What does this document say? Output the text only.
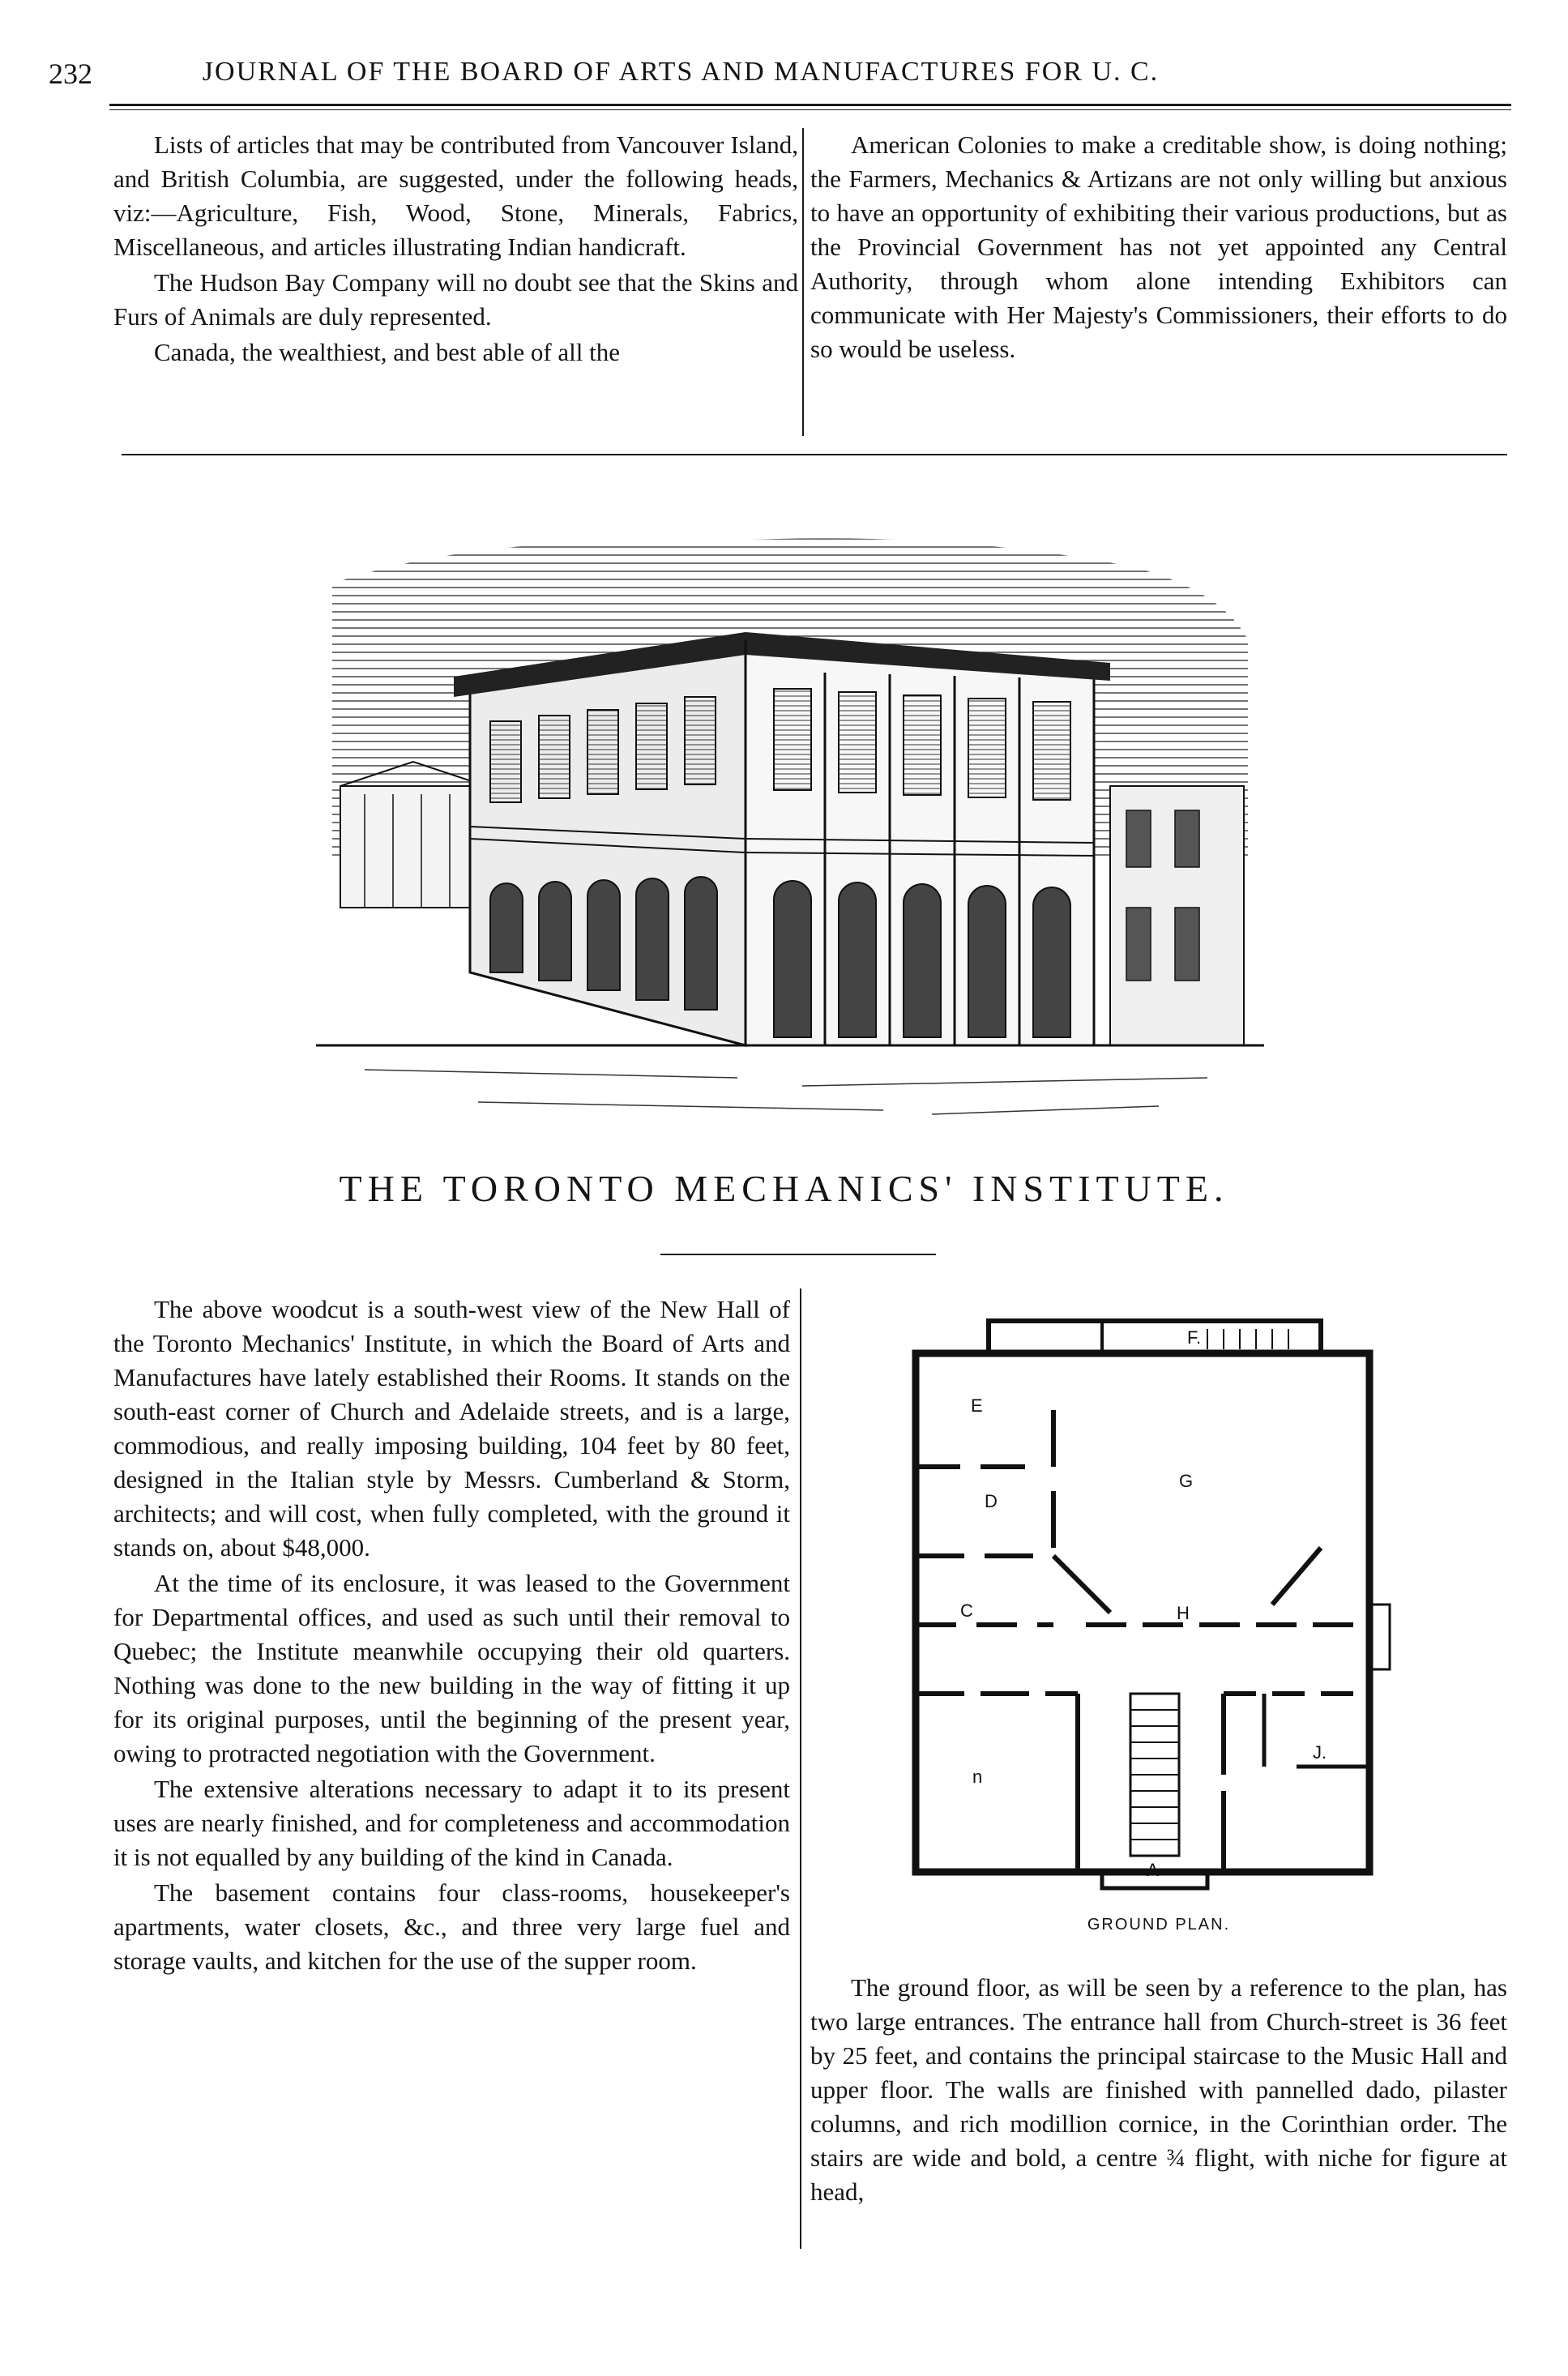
232	JOURNAL OF THE BOARD OF ARTS AND MANUFACTURES FOR U. C.

Lists of articles that may be contributed from Vancouver Island, and British Columbia, are suggested, under the following heads, viz:—Agriculture, Fish, Wood, Stone, Minerals, Fabrics, Miscellaneous, and articles illustrating Indian handicraft.

The Hudson Bay Company will no doubt see that the Skins and Furs of Animals are duly represented.

Canada, the wealthiest, and best able of all the

American Colonies to make a creditable show, is doing nothing; the Farmers, Mechanics & Artizans are not only willing but anxious to have an opportunity of exhibiting their various productions, but as the Provincial Government has not yet appointed any Central Authority, through whom alone intending Exhibitors can communicate with Her Majesty's Commissioners, their efforts to do so would be useless.

THE TORONTO MECHANICS' INSTITUTE.

The above woodcut is a south-west view of the New Hall of the Toronto Mechanics' Institute, in which the Board of Arts and Manufactures have lately established their Rooms. It stands on the south-east corner of Church and Adelaide streets, and is a large, commodious, and really imposing building, 104 feet by 80 feet, designed in the Italian style by Messrs. Cumberland & Storm, architects; and will cost, when fully completed, with the ground it stands on, about $48,000.

At the time of its enclosure, it was leased to the Government for Departmental offices, and used as such until their removal to Quebec; the Institute meanwhile occupying their old quarters. Nothing was done to the new building in the way of fitting it up for its original purposes, until the beginning of the present year, owing to protracted negotiation with the Government.

The extensive alterations necessary to adapt it to its present uses are nearly finished, and for completeness and accommodation it is not equalled by any building of the kind in Canada.

The basement contains four class-rooms, housekeeper's apartments, water closets, &c., and three very large fuel and storage vaults, and kitchen for the use of the supper room.

E
F.
G
D
C	H
J.
n
A
GROUND PLAN.

The ground floor, as will be seen by a reference to the plan, has two large entrances. The entrance hall from Church-street is 36 feet by 25 feet, and contains the principal staircase to the Music Hall and upper floor. The walls are finished with pannelled dado, pilaster columns, and rich modillion cornice, in the Corinthian order. The stairs are wide and bold, a centre ¾ flight, with niche for figure at head,
